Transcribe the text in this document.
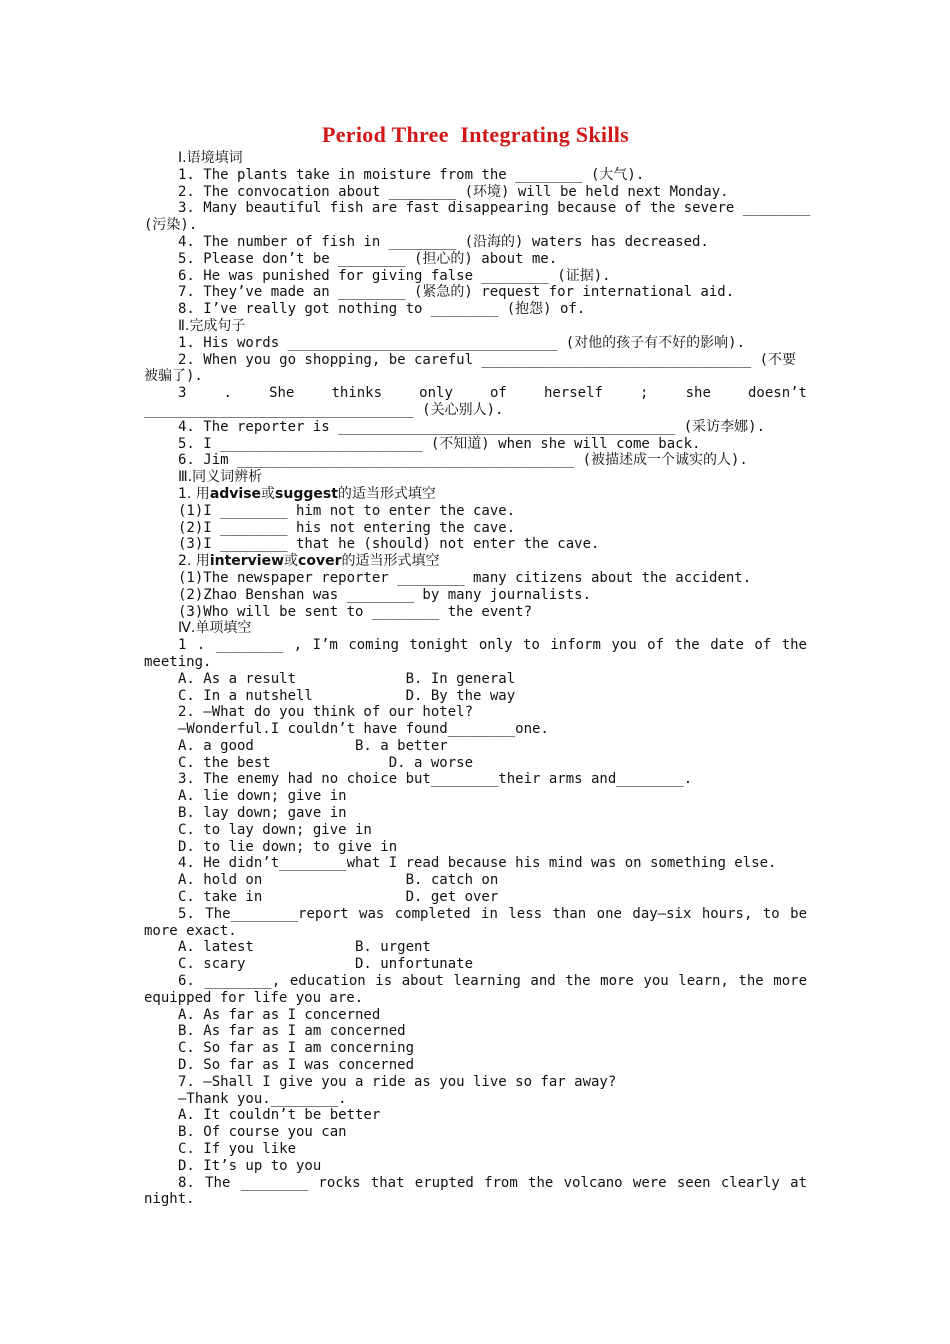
Period Three  Integrating Skills
Ⅰ.语境填词
1. The plants take in moisture from the ________ (大气).
2. The convocation about ________ (环境) will be held next Monday.
3. Many beautiful fish are fast disappearing because of the severe ________
(污染).
4. The number of fish in ________ (沿海的) waters has decreased.
5. Please don’t be ________ (担心的) about me.
6. He was punished for giving false ________ (证据).
7. They’ve made an ________ (紧急的) request for international aid.
8. I’ve really got nothing to ________ (抱怨) of.
Ⅱ.完成句子
1. His words ________________________________ (对他的孩子有不好的影响).
2. When you go shopping, be careful ________________________________ (不要
被骗了).
3 . She thinks only of herself ; she doesn’t
________________________________ (关心别人).
4. The reporter is ________________________________________ (采访李娜).
5. I ________________________ (不知道) when she will come back.
6. Jim ________________________________________ (被描述成一个诚实的人).
Ⅲ.同义词辨析
1. 用advise或suggest的适当形式填空
(1)I ________ him not to enter the cave.
(2)I ________ his not entering the cave.
(3)I ________ that he (should) not enter the cave.
2. 用interview或cover的适当形式填空
(1)The newspaper reporter ________ many citizens about the accident.
(2)Zhao Benshan was ________ by many journalists.
(3)Who will be sent to ________ the event?
Ⅳ.单项填空
1 . ________ , I’m coming tonight only to inform you of the date of the
meeting.
A. As a result             B. In general
C. In a nutshell           D. By the way
2. —What do you think of our hotel?
—Wonderful.I couldn’t have found________one.
A. a good            B. a better
C. the best              D. a worse
3. The enemy had no choice but________their arms and________.
A. lie down; give in
B. lay down; gave in
C. to lay down; give in
D. to lie down; to give in
4. He didn’t________what I read because his mind was on something else.
A. hold on                 B. catch on
C. take in                 D. get over
5. The________report was completed in less than one day—six hours, to be
more exact.
A. latest            B. urgent
C. scary             D. unfortunate
6. ________, education is about learning and the more you learn, the more
equipped for life you are.
A. As far as I concerned
B. As far as I am concerned
C. So far as I am concerning
D. So far as I was concerned
7. —Shall I give you a ride as you live so far away?
—Thank you.________.
A. It couldn’t be better
B. Of course you can
C. If you like
D. It’s up to you
8. The ________ rocks that erupted from the volcano were seen clearly at
night.
